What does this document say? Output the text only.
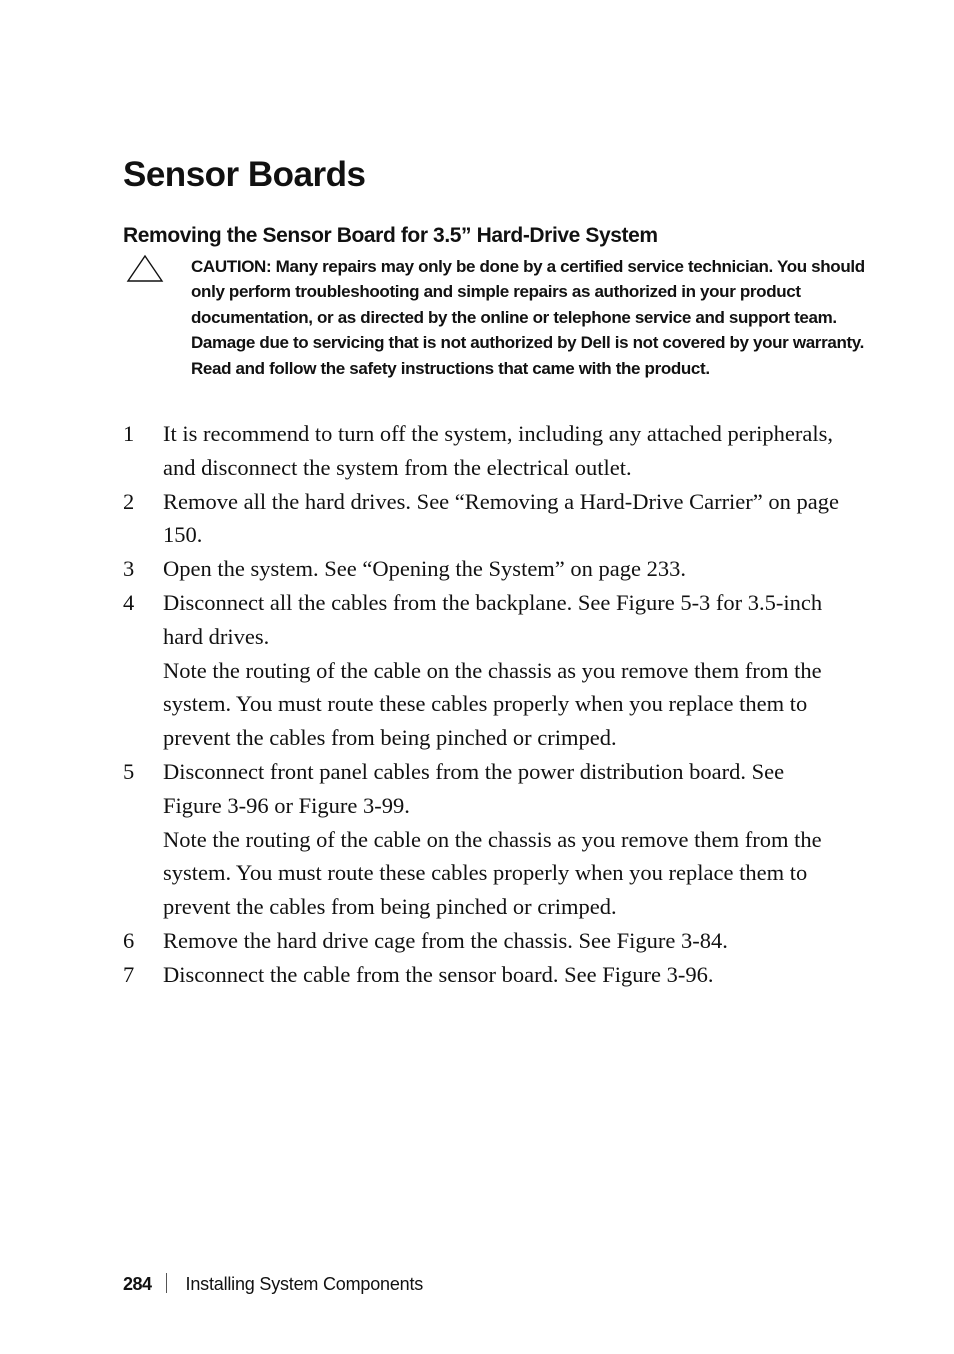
Sensor Boards
Removing the Sensor Board for 3.5” Hard-Drive System

CAUTION: Many repairs may only be done by a certified service technician. You should only perform troubleshooting and simple repairs as authorized in your product documentation, or as directed by the online or telephone service and support team. Damage due to servicing that is not authorized by Dell is not covered by your warranty. Read and follow the safety instructions that came with the product.

1 It is recommend to turn off the system, including any attached peripherals, and disconnect the system from the electrical outlet.
2 Remove all the hard drives. See “Removing a Hard-Drive Carrier” on page 150.
3 Open the system. See “Opening the System” on page 233.
4 Disconnect all the cables from the backplane. See Figure 5-3 for 3.5-inch hard drives.
Note the routing of the cable on the chassis as you remove them from the system. You must route these cables properly when you replace them to prevent the cables from being pinched or crimped.
5 Disconnect front panel cables from the power distribution board. See Figure 3-96 or Figure 3-99.
Note the routing of the cable on the chassis as you remove them from the system. You must route these cables properly when you replace them to prevent the cables from being pinched or crimped.
6 Remove the hard drive cage from the chassis. See Figure 3-84.
7 Disconnect the cable from the sensor board. See Figure 3-96.
284 Installing System Components
